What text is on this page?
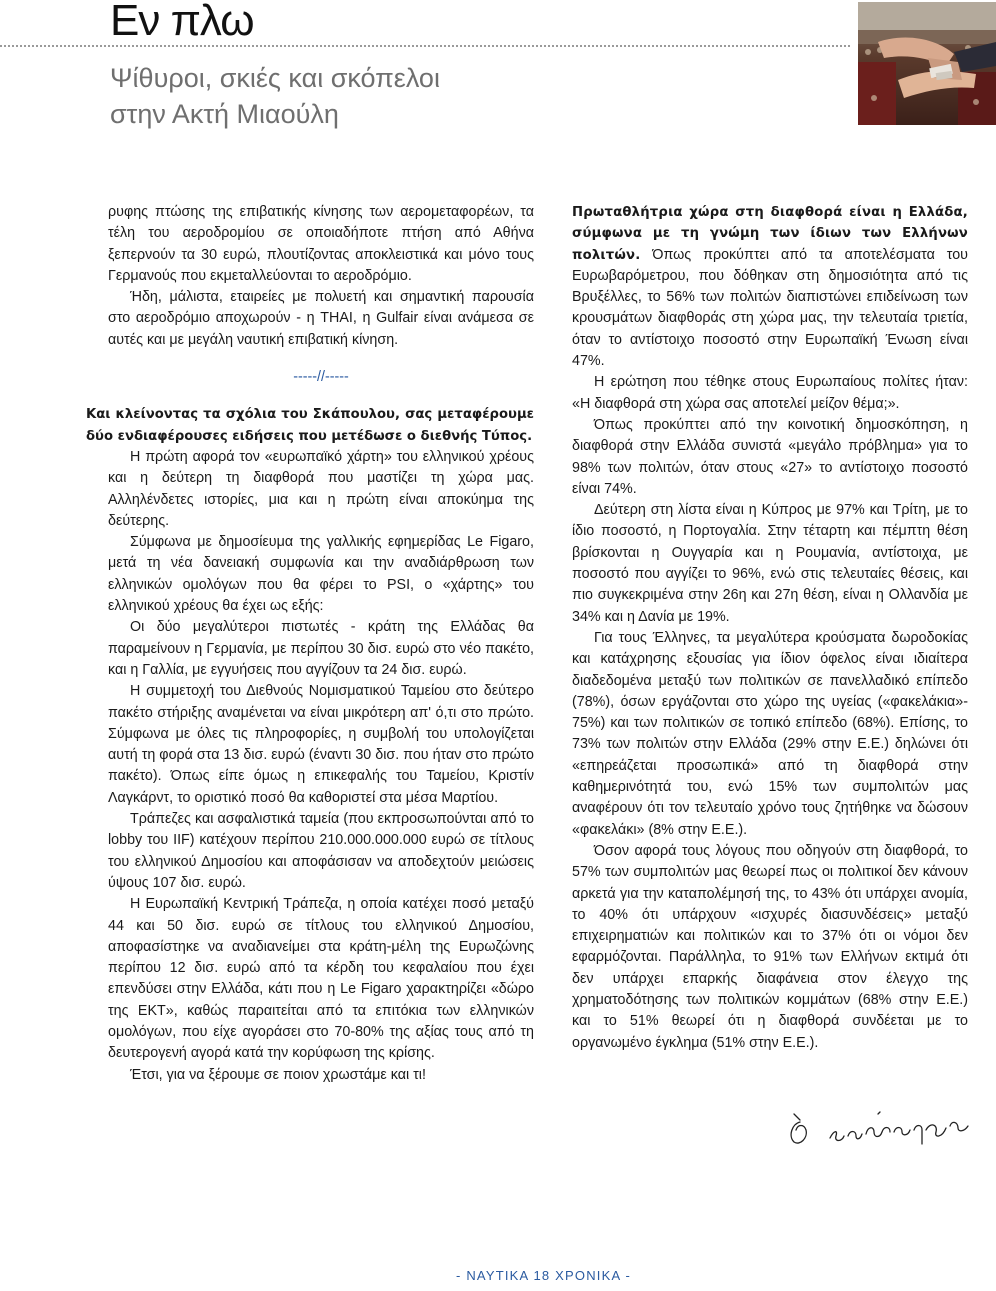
Εν πλω
Ψίθυροι, σκιές και σκόπελοι
στην Ακτή Μιαούλη

ρυφης πτώσης της επιβατικής κίνησης των αερομεταφορέων, τα τέλη του αεροδρομίου σε οποιαδήποτε πτήση από Αθήνα ξεπερνούν τα 30 ευρώ, πλουτίζοντας αποκλειστικά και μόνο τους Γερμανούς που εκμεταλλεύονται το αεροδρόμιο.

Ήδη, μάλιστα, εταιρείες με πολυετή και σημαντική παρουσία στο αεροδρόμιο αποχωρούν - η THAI, η Gulfair είναι ανάμεσα σε αυτές και με μεγάλη ναυτική επιβατική κίνηση.

-----//-----

Και κλείνοντας τα σχόλια του Σκάπουλου, σας μεταφέρουμε δύο ενδιαφέρουσες ειδήσεις που μετέδωσε ο διεθνής Τύπος.

Η πρώτη αφορά τον «ευρωπαϊκό χάρτη» του ελληνικού χρέους και η δεύτερη τη διαφθορά που μαστίζει τη χώρα μας. Αλληλένδετες ιστορίες, μια και η πρώτη είναι αποκύημα της δεύτερης.

Σύμφωνα με δημοσίευμα της γαλλικής εφημερίδας Le Figaro, μετά τη νέα δανειακή συμφωνία και την αναδιάρθρωση των ελληνικών ομολόγων που θα φέρει το PSI, ο «χάρτης» του ελληνικού χρέους θα έχει ως εξής:

Οι δύο μεγαλύτεροι πιστωτές - κράτη της Ελλάδας θα παραμείνουν η Γερμανία, με περίπου 30 δισ. ευρώ στο νέο πακέτο, και η Γαλλία, με εγγυήσεις που αγγίζουν τα 24 δισ. ευρώ.

Η συμμετοχή του Διεθνούς Νομισματικού Ταμείου στο δεύτερο πακέτο στήριξης αναμένεται να είναι μικρότερη απ' ό,τι στο πρώτο. Σύμφωνα με όλες τις πληροφορίες, η συμβολή του υπολογίζεται αυτή τη φορά στα 13 δισ. ευρώ (έναντι 30 δισ. που ήταν στο πρώτο πακέτο). Όπως είπε όμως η επικεφαλής του Ταμείου, Κριστίν Λαγκάρντ, το οριστικό ποσό θα καθοριστεί στα μέσα Μαρτίου.

Τράπεζες και ασφαλιστικά ταμεία (που εκπροσωπούνται από το lobby του IIF) κατέχουν περίπου 210.000.000.000 ευρώ σε τίτλους του ελληνικού Δημοσίου και αποφάσισαν να αποδεχτούν μειώσεις ύψους 107 δισ. ευρώ.

Η Ευρωπαϊκή Κεντρική Τράπεζα, η οποία κατέχει ποσό μεταξύ 44 και 50 δισ. ευρώ σε τίτλους του ελληνικού Δημοσίου, αποφασίστηκε να αναδιανείμει στα κράτη-μέλη της Ευρωζώνης περίπου 12 δισ. ευρώ από τα κέρδη του κεφαλαίου που έχει επενδύσει στην Ελλάδα, κάτι που η Le Figaro χαρακτηρίζει «δώρο της ΕΚΤ», καθώς παραιτείται από τα επιτόκια των ελληνικών ομολόγων, που είχε αγοράσει στο 70-80% της αξίας τους από τη δευτερογενή αγορά κατά την κορύφωση της κρίσης.

Έτσι, για να ξέρουμε σε ποιον χρωστάμε και τι!

Πρωταθλήτρια χώρα στη διαφθορά είναι η Ελλάδα, σύμφωνα με τη γνώμη των ίδιων των Ελλήνων πολιτών. Όπως προκύπτει από τα αποτελέσματα του Ευρωβαρόμετρου, που δόθηκαν στη δημοσιότητα από τις Βρυξέλλες, το 56% των πολιτών διαπιστώνει επιδείνωση των κρουσμάτων διαφθοράς στη χώρα μας, την τελευταία τριετία, όταν το αντίστοιχο ποσοστό στην Ευρωπαϊκή Ένωση είναι 47%.

Η ερώτηση που τέθηκε στους Ευρωπαίους πολίτες ήταν: «Η διαφθορά στη χώρα σας αποτελεί μείζον θέμα;».

Όπως προκύπτει από την κοινοτική δημοσκόπηση, η διαφθορά στην Ελλάδα συνιστά «μεγάλο πρόβλημα» για το 98% των πολιτών, όταν στους «27» το αντίστοιχο ποσοστό είναι 74%.

Δεύτερη στη λίστα είναι η Κύπρος με 97% και Τρίτη, με το ίδιο ποσοστό, η Πορτογαλία. Στην τέταρτη και πέμπτη θέση βρίσκονται η Ουγγαρία και η Ρουμανία, αντίστοιχα, με ποσοστό που αγγίζει το 96%, ενώ στις τελευταίες θέσεις, και πιο συγκεκριμένα στην 26η και 27η θέση, είναι η Ολλανδία με 34% και η Δανία με 19%.

Για τους Έλληνες, τα μεγαλύτερα κρούσματα δωροδοκίας και κατάχρησης εξουσίας για ίδιον όφελος είναι ιδιαίτερα διαδεδομένα μεταξύ των πολιτικών σε πανελλαδικό επίπεδο (78%), όσων εργάζονται στο χώρο της υγείας («φακελάκια»- 75%) και των πολιτικών σε τοπικό επίπεδο (68%). Επίσης, το 73% των πολιτών στην Ελλάδα (29% στην Ε.Ε.) δηλώνει ότι «επηρεάζεται προσωπικά» από τη διαφθορά στην καθημερινότητά του, ενώ 15% των συμπολιτών μας αναφέρουν ότι τον τελευταίο χρόνο τους ζητήθηκε να δώσουν «φακελάκι» (8% στην Ε.Ε.).

Όσον αφορά τους λόγους που οδηγούν στη διαφθορά, το 57% των συμπολιτών μας θεωρεί πως οι πολιτικοί δεν κάνουν αρκετά για την καταπολέμησή της, το 43% ότι υπάρχει ανομία, το 40% ότι υπάρχουν «ισχυρές διασυνδέσεις» μεταξύ επιχειρηματιών και πολιτικών και το 37% ότι οι νόμοι δεν εφαρμόζονται. Παράλληλα, το 91% των Ελλήνων εκτιμά ότι δεν υπάρχει επαρκής διαφάνεια στον έλεγχο της χρηματοδότησης των πολιτικών κομμάτων (68% στην Ε.Ε.) και το 51% θεωρεί ότι η διαφθορά συνδέεται με το οργανωμένο έγκλημα (51% στην Ε.Ε.).

- ΝΑΥΤΙΚΑ 18 ΧΡΟΝΙΚΑ -
